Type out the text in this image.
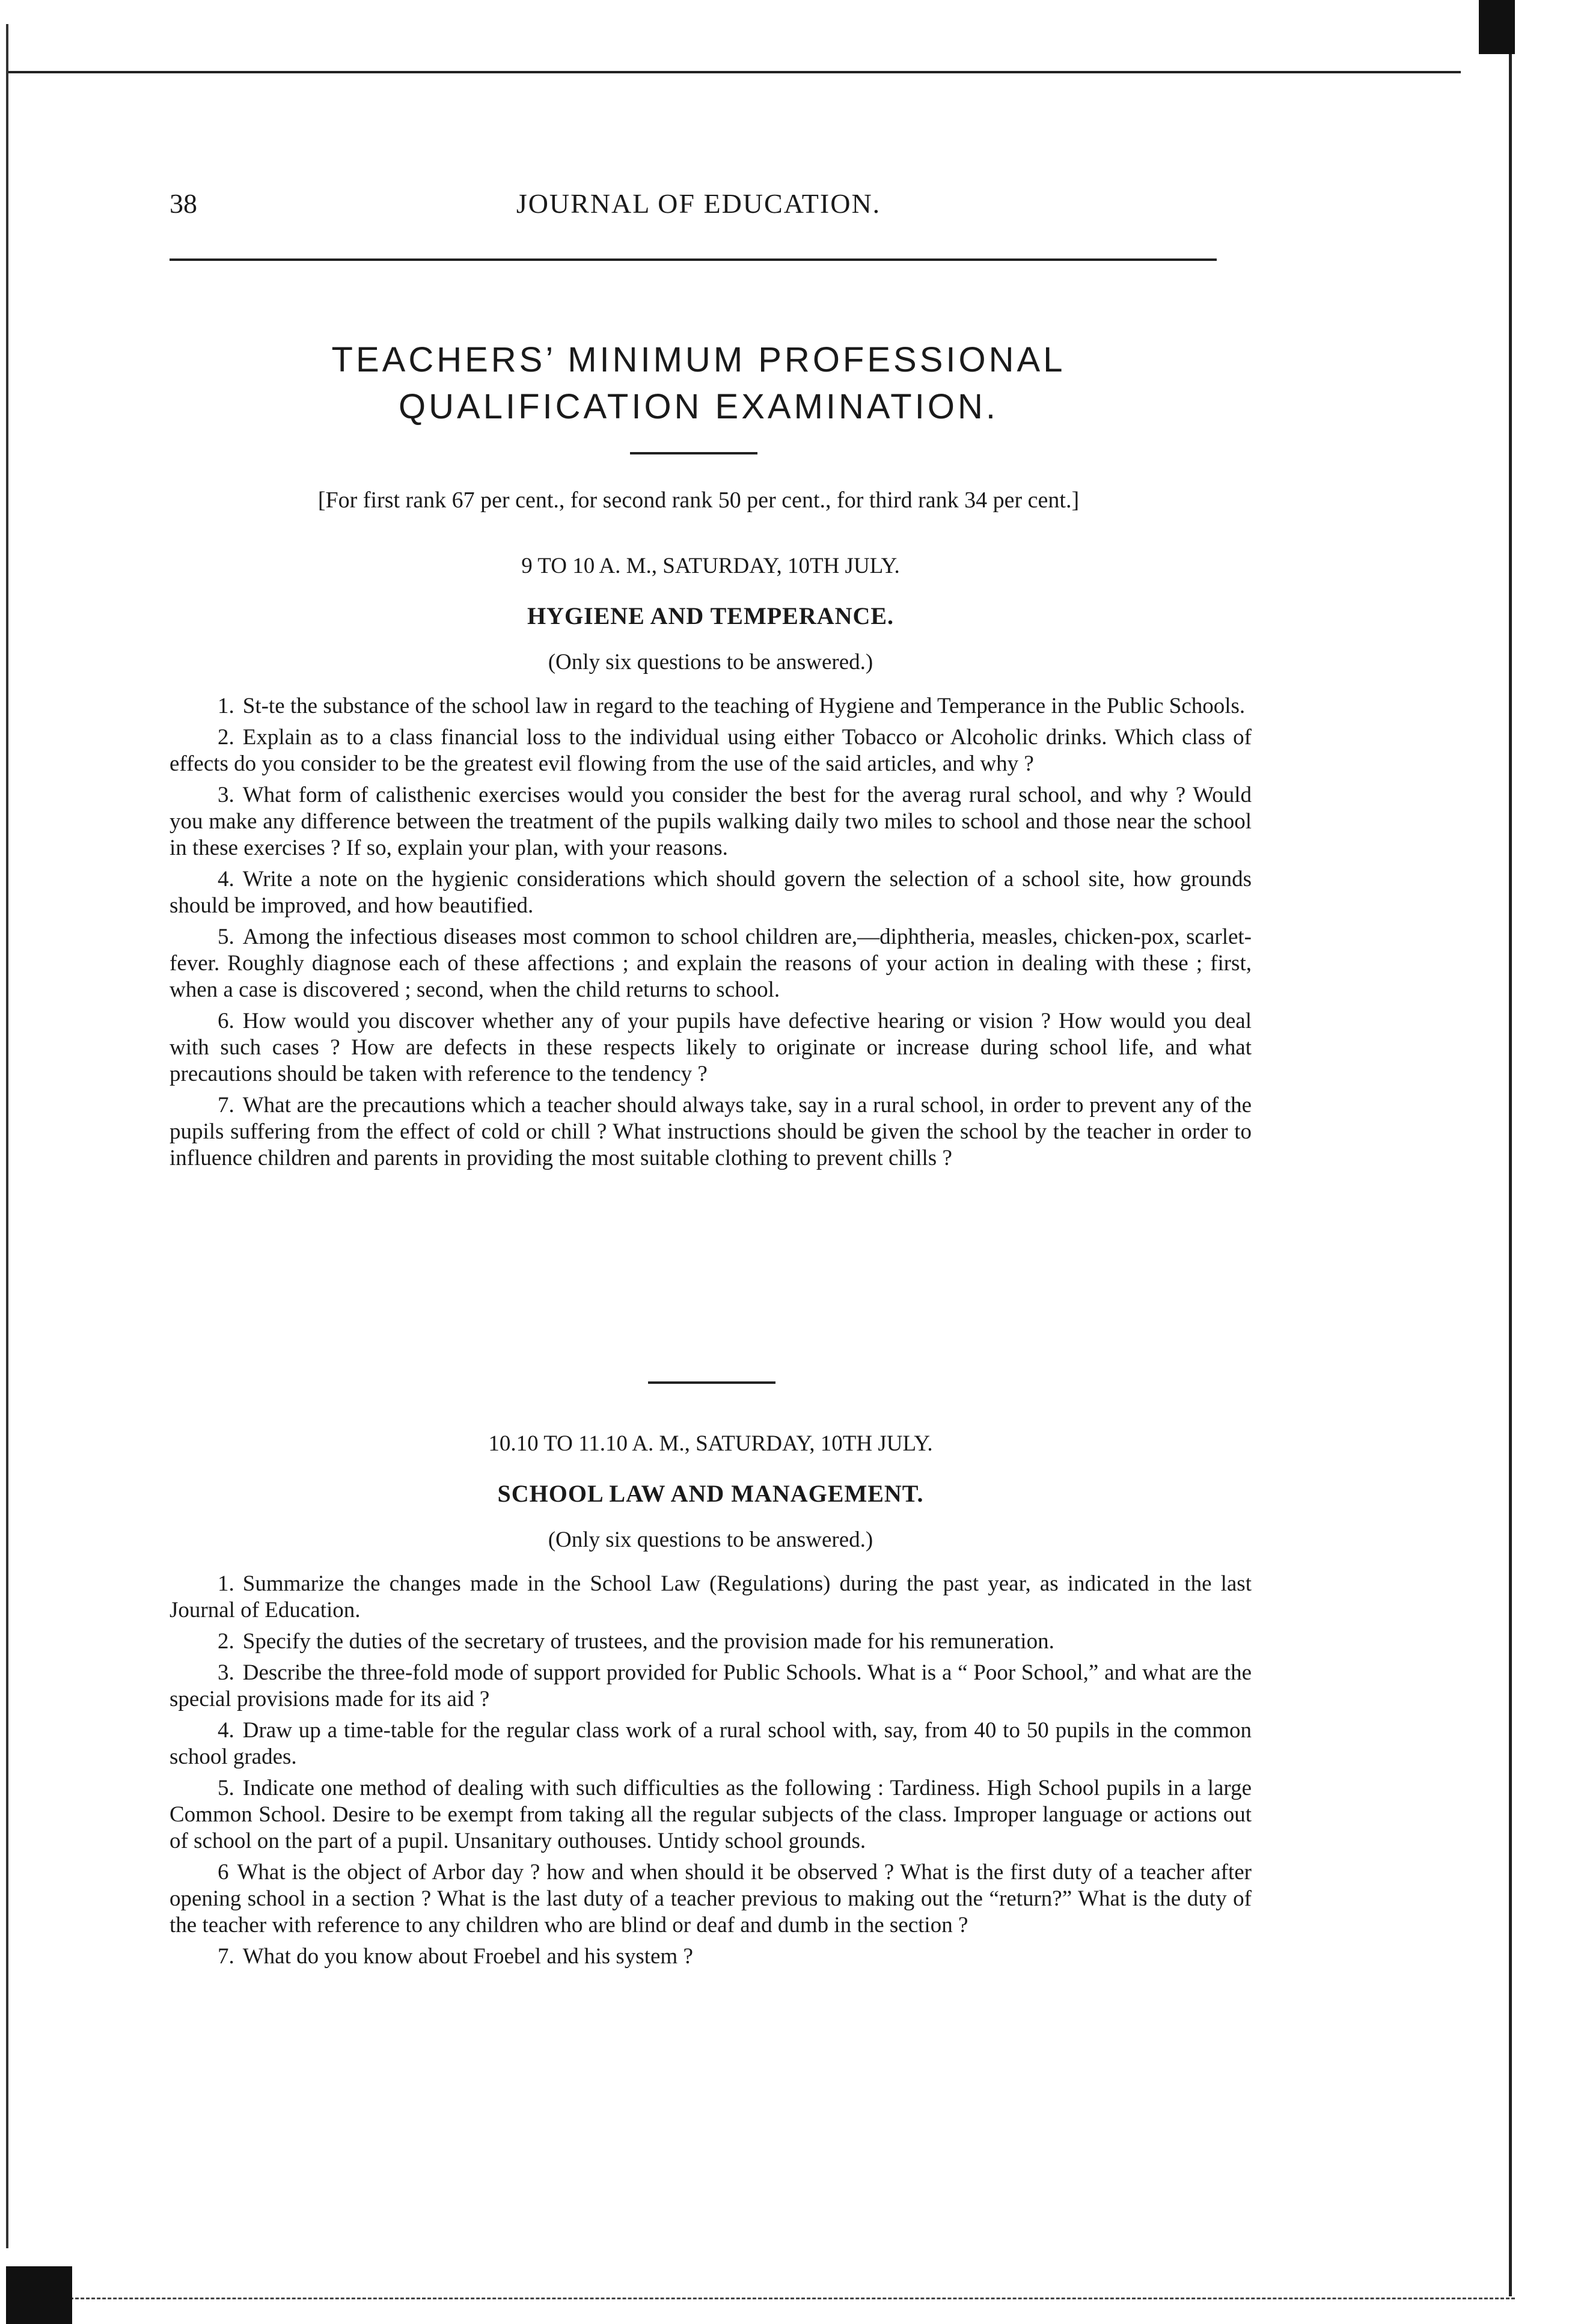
38	JOURNAL OF EDUCATION.
TEACHERS’ MINIMUM PROFESSIONAL
QUALIFICATION EXAMINATION.
[For first rank 67 per cent., for second rank 50 per cent., for third rank 34 per cent.]

9 TO 10 A. M., SATURDAY, 10TH JULY.

HYGIENE AND TEMPERANCE.

(Only six questions to be answered.)

1. St-te the substance of the school law in regard to the teaching of Hygiene and Temperance in the Public Schools.
2. Explain as to a class financial loss to the individual using either Tobacco or Alcoholic drinks. Which class of effects do you consider to be the greatest evil flowing from the use of the said articles, and why ?
3. What form of calisthenic exercises would you consider the best for the averag rural school, and why ? Would you make any difference between the treatment of the pupils walking daily two miles to school and those near the school in these exercises ? If so, explain your plan, with your reasons.
4. Write a note on the hygienic considerations which should govern the selection of a school site, how grounds should be improved, and how beautified.
5. Among the infectious diseases most common to school children are,—diphtheria, measles, chicken-pox, scarlet-fever. Roughly diagnose each of these affections ; and explain the reasons of your action in dealing with these ; first, when a case is discovered ; second, when the child returns to school.
6. How would you discover whether any of your pupils have defective hearing or vision ? How would you deal with such cases ? How are defects in these respects likely to originate or increase during school life, and what precautions should be taken with reference to the tendency ?
7. What are the precautions which a teacher should always take, say in a rural school, in order to prevent any of the pupils suffering from the effect of cold or chill ? What instructions should be given the school by the teacher in order to influence children and parents in providing the most suitable clothing to prevent chills ?

10.10 TO 11.10 A. M., SATURDAY, 10TH JULY.

SCHOOL LAW AND MANAGEMENT.

(Only six questions to be answered.)

1. Summarize the changes made in the School Law (Regulations) during the past year, as indicated in the last Journal of Education.
2. Specify the duties of the secretary of trustees, and the provision made for his remuneration.
3. Describe the three-fold mode of support provided for Public Schools. What is a “ Poor School,” and what are the special provisions made for its aid ?
4. Draw up a time-table for the regular class work of a rural school with, say, from 40 to 50 pupils in the common school grades.
5. Indicate one method of dealing with such difficulties as the following : Tardiness. High School pupils in a large Common School. Desire to be exempt from taking all the regular subjects of the class. Improper language or actions out of school on the part of a pupil. Unsanitary outhouses. Untidy school grounds.
6 What is the object of Arbor day ? how and when should it be observed ? What is the first duty of a teacher after opening school in a section ? What is the last duty of a teacher previous to making out the “return?” What is the duty of the teacher with reference to any children who are blind or deaf and dumb in the section ?
7. What do you know about Froebel and his system ?
